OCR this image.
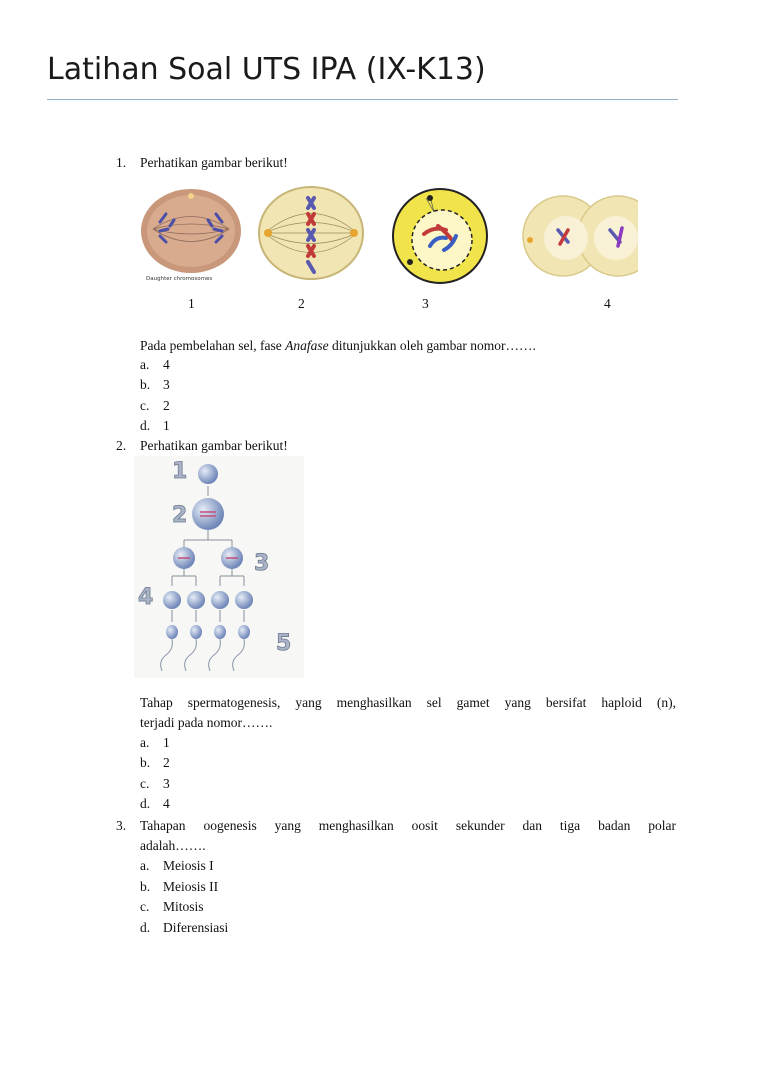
Latihan Soal UTS IPA (IX-K13)
1. Perhatikan gambar berikut!
Daughter chromosomes
1	2	3	4
Pada pembelahan sel, fase Anafase ditunjukkan oleh gambar nomor…….
a. 4
b. 3
c. 2
d. 1
2. Perhatikan gambar berikut!
1
2
3
4
5
Tahap spermatogenesis, yang menghasilkan sel gamet yang bersifat haploid (n),
terjadi pada nomor…….
a. 1
b. 2
c. 3
d. 4
3. Tahapan oogenesis yang menghasilkan oosit sekunder dan tiga badan polar
adalah…….
a. Meiosis I
b. Meiosis II
c. Mitosis
d. Diferensiasi
